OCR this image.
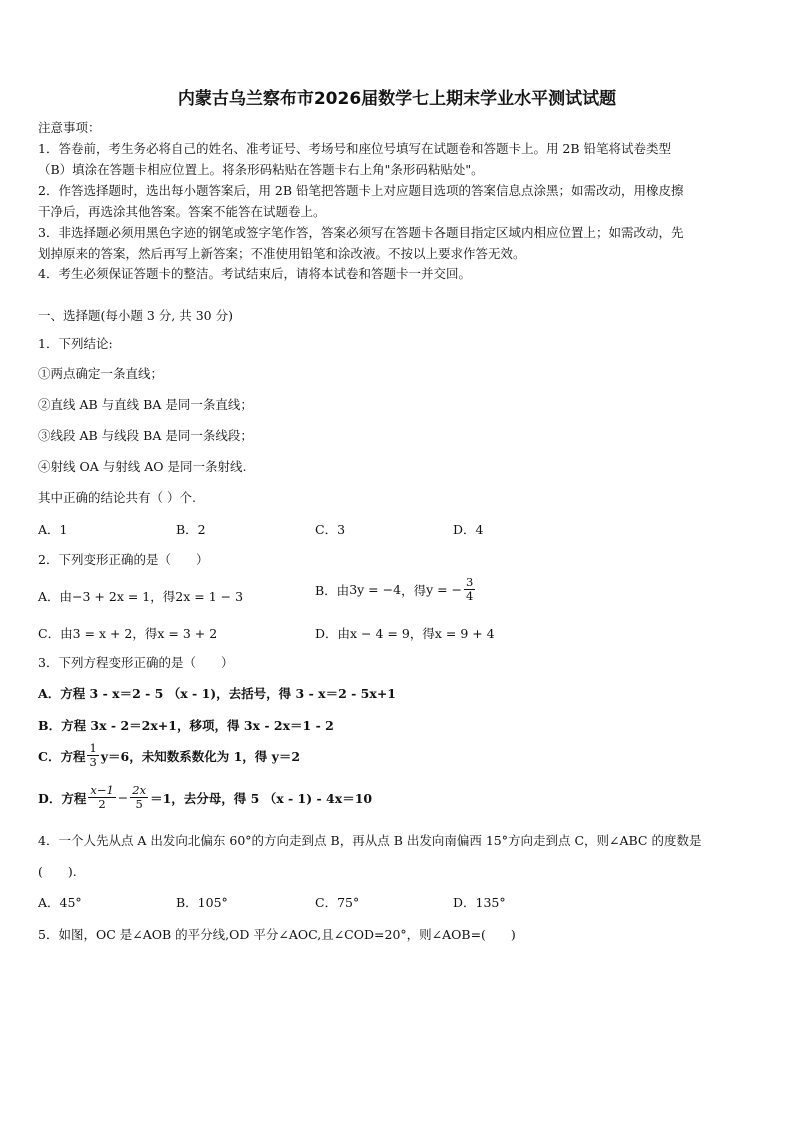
内蒙古乌兰察布市2026届数学七上期末学业水平测试试题
注意事项：
1．答卷前，考生务必将自己的姓名、准考证号、考场号和座位号填写在试题卷和答题卡上。用 2B 铅笔将试卷类型
（B）填涂在答题卡相应位置上。将条形码粘贴在答题卡右上角"条形码粘贴处"。
2．作答选择题时，选出每小题答案后，用 2B 铅笔把答题卡上对应题目选项的答案信息点涂黑；如需改动，用橡皮擦
干净后，再选涂其他答案。答案不能答在试题卷上。
3．非选择题必须用黑色字迹的钢笔或签字笔作答，答案必须写在答题卡各题目指定区域内相应位置上；如需改动，先
划掉原来的答案，然后再写上新答案；不准使用铅笔和涂改液。不按以上要求作答无效。
4．考生必须保证答题卡的整洁。考试结束后，请将本试卷和答题卡一并交回。
一、选择题(每小题 3 分, 共 30 分)
1．下列结论:
①两点确定一条直线；
②直线 AB 与直线 BA 是同一条直线；
③线段 AB 与线段 BA 是同一条线段；
④射线 OA 与射线 AO 是同一条射线.
其中正确的结论共有（ ）个.
A．1	B．2	C．3	D．4
2．下列变形正确的是（　　）
A．由−3 + 2x = 1，得2x = 1 − 3	B．由3y = −4，得y = − $\frac{3}{4}$
C．由3 = x + 2，得x = 3 + 2	D．由x − 4 = 9，得x = 9 + 4
3．下列方程变形正确的是（　　）
A．方程 3 - x＝2 - 5 （x - 1)，去括号，得 3 - x＝2 - 5x+1
B．方程 3x - 2＝2x+1，移项，得 3x - 2x＝1 - 2
C．方程 $\frac{1}{3} y=6$，未知数系数化为 1，得 y＝2
D．方程 $\frac{x-1}{2} - \frac{2x}{5} =1$，去分母，得 5 （x - 1) - 4x＝10
4．一个人先从点 A 出发向北偏东 60°的方向走到点 B，再从点 B 出发向南偏西 15°方向走到点 C，则∠ABC 的度数是
(　　).
A．45°	B．105°	C．75°	D．135°
5．如图，OC 是∠AOB 的平分线,OD 平分∠AOC,且∠COD=20°，则∠AOB=(　　)
